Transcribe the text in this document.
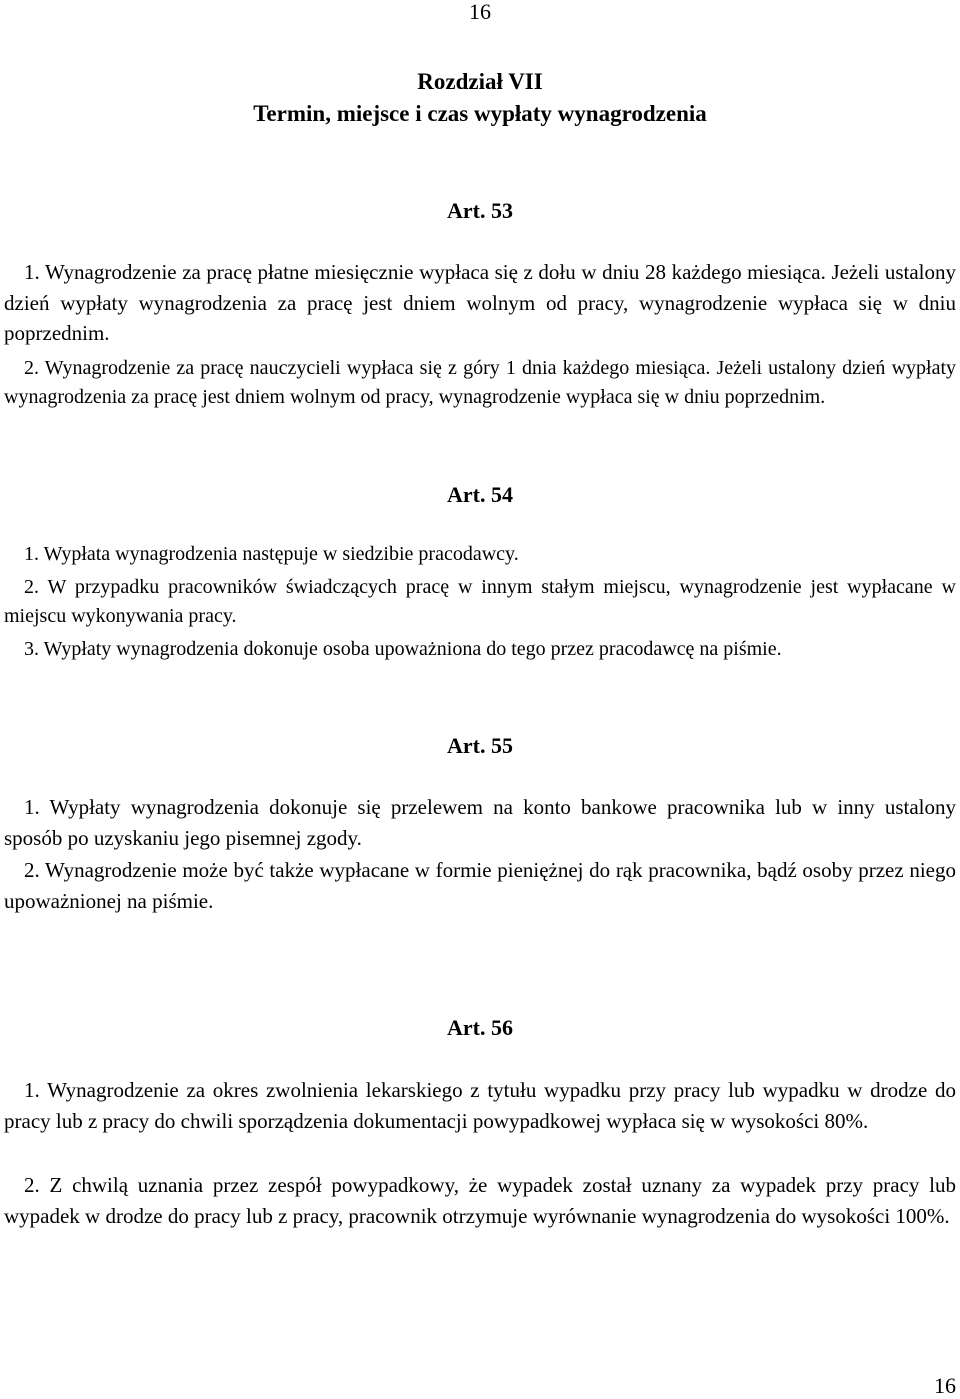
16
Rozdział VII
Termin, miejsce i czas wypłaty wynagrodzenia
Art. 53
1. Wynagrodzenie za pracę płatne miesięcznie wypłaca się z dołu w dniu 28 każdego miesiąca. Jeżeli ustalony dzień wypłaty wynagrodzenia za pracę jest dniem wolnym od pracy, wynagrodzenie wypłaca się w dniu poprzednim.
2. Wynagrodzenie za pracę nauczycieli wypłaca się z góry 1 dnia każdego miesiąca. Jeżeli ustalony dzień wypłaty wynagrodzenia za pracę jest dniem wolnym od pracy, wynagrodzenie wypłaca się w dniu poprzednim.
Art. 54
1. Wypłata wynagrodzenia następuje w siedzibie pracodawcy.
2. W przypadku pracowników świadczących pracę w innym stałym miejscu, wynagrodzenie jest wypłacane w miejscu wykonywania pracy.
3. Wypłaty wynagrodzenia dokonuje osoba upoważniona do tego przez pracodawcę na piśmie.
Art. 55
1. Wypłaty wynagrodzenia dokonuje się przelewem na konto bankowe pracownika lub w inny ustalony sposób po uzyskaniu jego pisemnej zgody.
2. Wynagrodzenie może być także wypłacane w formie pieniężnej do rąk pracownika, bądź osoby przez niego upoważnionej na piśmie.
Art. 56
1. Wynagrodzenie za okres zwolnienia lekarskiego z tytułu wypadku przy pracy lub wypadku w drodze do pracy lub z pracy do chwili sporządzenia dokumentacji powypadkowej wypłaca się w wysokości 80%.
2. Z chwilą uznania przez zespół powypadkowy, że wypadek został uznany za wypadek przy pracy lub wypadek w drodze do pracy lub z pracy, pracownik otrzymuje wyrównanie wynagrodzenia do wysokości 100%.
16
